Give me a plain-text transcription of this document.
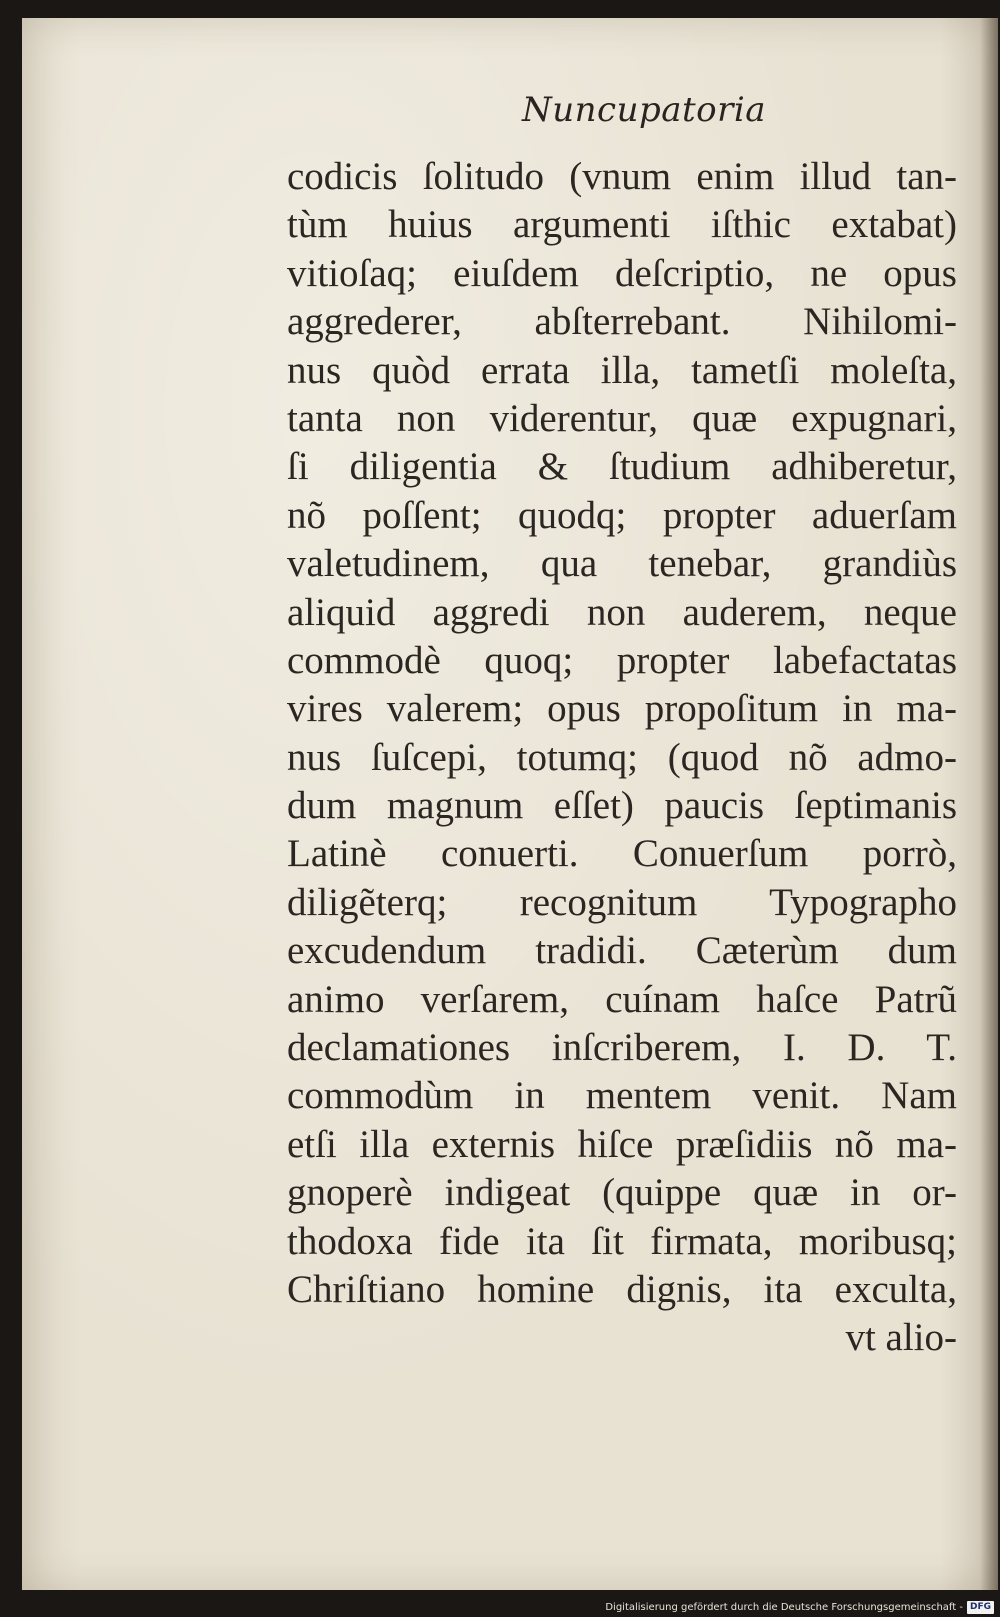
Nuncupatoria
codicis ſolitudo (vnum enim illud tan-
tùm huius argumenti iſthic extabat)
vitioſaq; eiuſdem deſcriptio, ne opus
aggrederer, abſterrebant. Nihilomi-
nus quòd errata illa, tametſi moleſta,
tanta non viderentur, quæ expugnari,
ſi diligentia & ſtudium adhiberetur,
nõ poſſent; quodq; propter aduerſam
valetudinem, qua tenebar, grandiùs
aliquid aggredi non auderem, neque
commodè quoq; propter labefactatas
vires valerem; opus propoſitum in ma-
nus ſuſcepi, totumq; (quod nõ admo-
dum magnum eſſet) paucis ſeptimanis
Latinè conuerti. Conuerſum porrò,
diligẽterq; recognitum Typographo
excudendum tradidi. Cæterùm dum
animo verſarem, cuínam haſce Patrũ
declamationes inſcriberem, I. D. T.
commodùm in mentem venit. Nam
etſi illa externis hiſce præſidiis nõ ma-
gnoperè indigeat (quippe quæ in or-
thodoxa fide ita ſit firmata, moribusq;
Chriſtiano homine dignis, ita exculta,
vt alio-
Digitalisierung gefördert durch die Deutsche Forschungsgemeinschaft - DFG
